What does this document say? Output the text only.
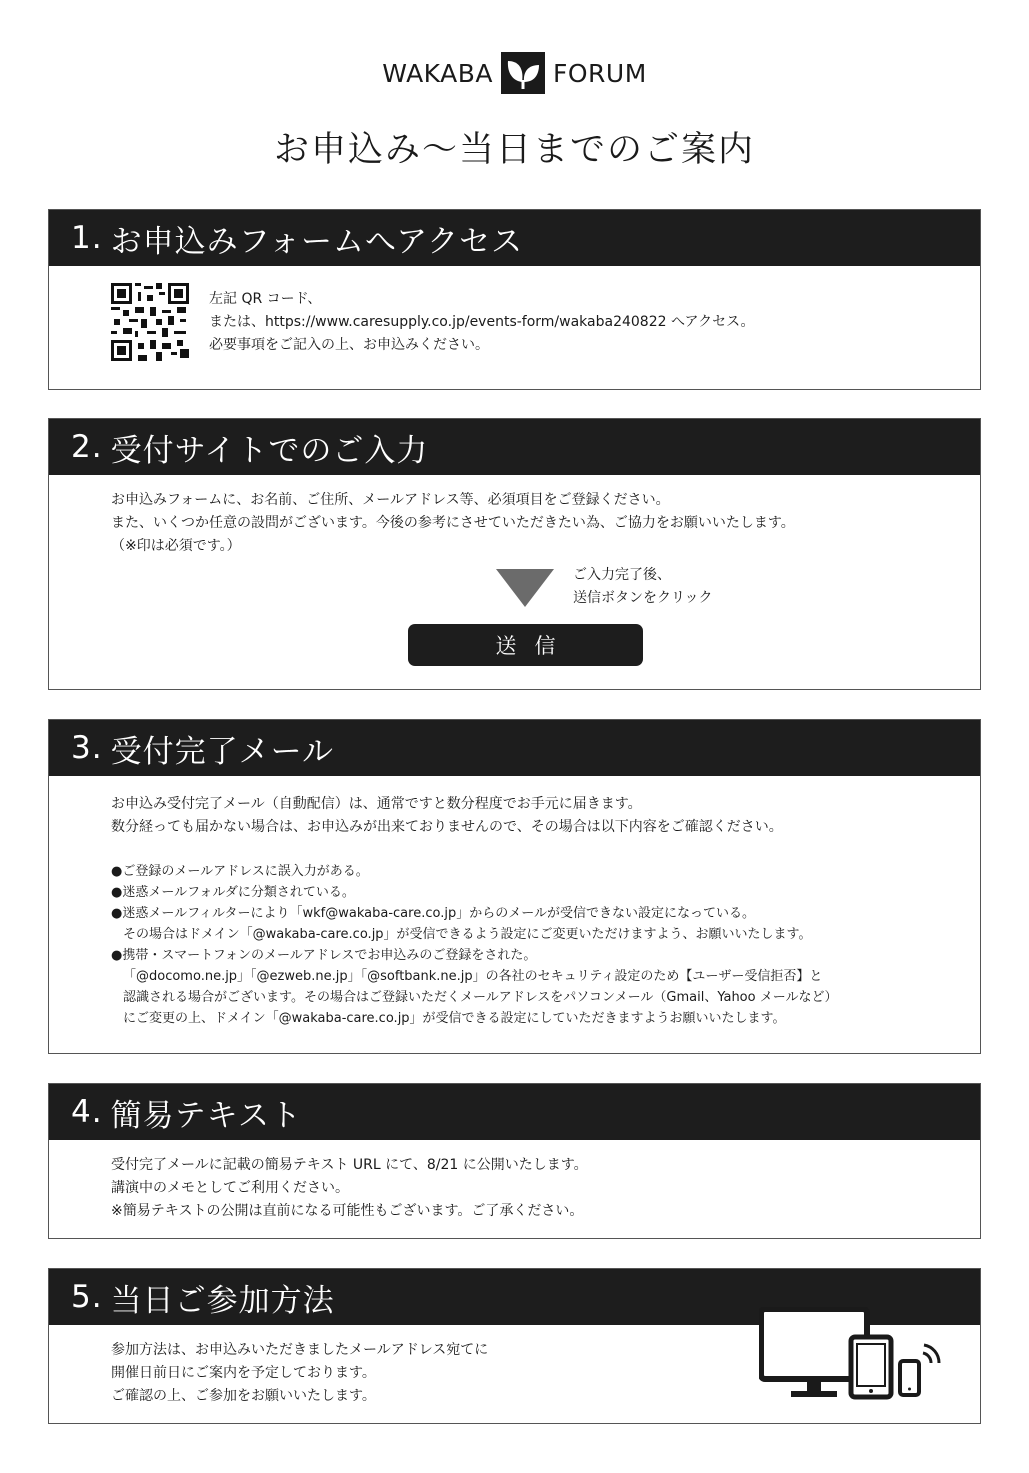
WAKABA FORUM
お申込み～当日までのご案内
1. お申込みフォームへアクセス
左記 QR コード、
または、https://www.caresupply.co.jp/events-form/wakaba240822 へアクセス。
必要事項をご記入の上、お申込みください。
2. 受付サイトでのご入力
お申込みフォームに、お名前、ご住所、メールアドレス等、必須項目をご登録ください。
また、いくつか任意の設問がございます。今後の参考にさせていただきたい為、ご協力をお願いいたします。
（※印は必須です。）
ご入力完了後、
送信ボタンをクリック
送信
3. 受付完了メール
お申込み受付完了メール（自動配信）は、通常ですと数分程度でお手元に届きます。
数分経っても届かない場合は、お申込みが出来ておりませんので、その場合は以下内容をご確認ください。
●ご登録のメールアドレスに誤入力がある。
●迷惑メールフォルダに分類されている。
●迷惑メールフィルターにより「wkf@wakaba-care.co.jp」からのメールが受信できない設定になっている。
その場合はドメイン「@wakaba-care.co.jp」が受信できるよう設定にご変更いただけますよう、お願いいたします。
●携帯・スマートフォンのメールアドレスでお申込みのご登録をされた。
「@docomo.ne.jp」「@ezweb.ne.jp」「@softbank.ne.jp」の各社のセキュリティ設定のため【ユーザー受信拒否】と
認識される場合がございます。その場合はご登録いただくメールアドレスをパソコンメール（Gmail、Yahoo メールなど）
にご変更の上、ドメイン「@wakaba-care.co.jp」が受信できる設定にしていただきますようお願いいたします。
4. 簡易テキスト
受付完了メールに記載の簡易テキスト URL にて、8/21 に公開いたします。
講演中のメモとしてご利用ください。
※簡易テキストの公開は直前になる可能性もございます。ご了承ください。
5. 当日ご参加方法
参加方法は、お申込みいただきましたメールアドレス宛てに
開催日前日にご案内を予定しております。
ご確認の上、ご参加をお願いいたします。
